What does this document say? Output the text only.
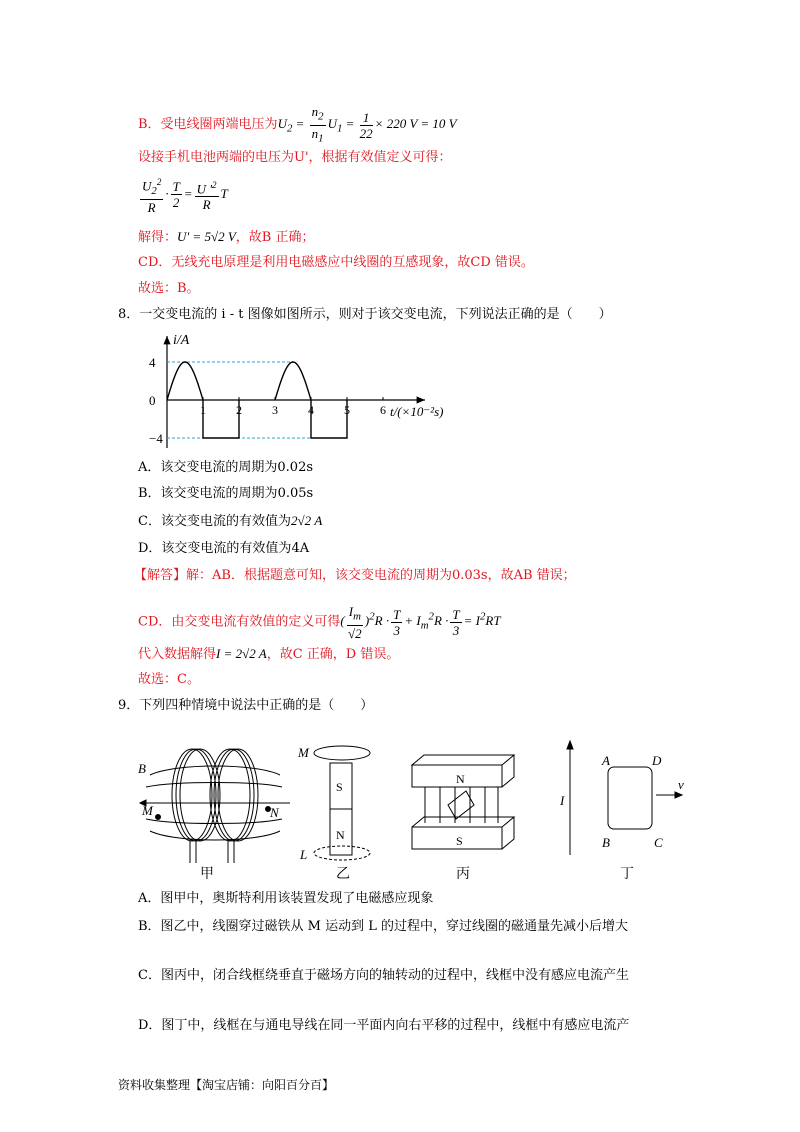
B．受电线圈两端电压为$U_2 = \frac{n_2}{n_1} U_1 = \frac{1}{22} \times 220$ V = 10 V
设接手机电池两端的电压为U'，根据有效值定义可得：
$\frac{U_2^2}{R} \cdot \frac{T}{2} = \frac{U '^2}{R}$ T
解得：U' = 5√2 V，故B 正确；
CD．无线充电原理是利用电磁感应中线圈的互感现象，故CD 错误。
故选：B。
8．一交变电流的 i - t 图像如图所示，则对于该交变电流，下列说法正确的是（　　）
i/A
t/(×10⁻²s)
4
0
−4
1	2	3	4	5	6
A．该交变电流的周期为0.02s
B．该交变电流的周期为0.05s
C．该交变电流的有效值为2√2 A
D．该交变电流的有效值为4A
【解答】解：AB．根据题意可知，该交变电流的周期为0.03s，故AB 错误；
CD．由交变电流有效值的定义可得( $\frac{I_m}{√2} )^2R \cdot \frac{T}{3} + I_m^2R \cdot \frac{T}{3} = I^2RT$
代入数据解得I = 2√2 A，故C 正确，D 错误。
故选：C。
9．下列四种情境中说法中正确的是（　　）
B
M	N
甲
M
S
N
L
乙
N
S
丙
I
A	D
B	C
v
丁
A．图甲中，奥斯特利用该装置发现了电磁感应现象
B．图乙中，线圈穿过磁铁从 M 运动到 L 的过程中，穿过线圈的磁通量先减小后增大
C．图丙中，闭合线框绕垂直于磁场方向的轴转动的过程中，线框中没有感应电流产生
D．图丁中，线框在与通电导线在同一平面内向右平移的过程中，线框中有感应电流产
资料收集整理【淘宝店铺：向阳百分百】
